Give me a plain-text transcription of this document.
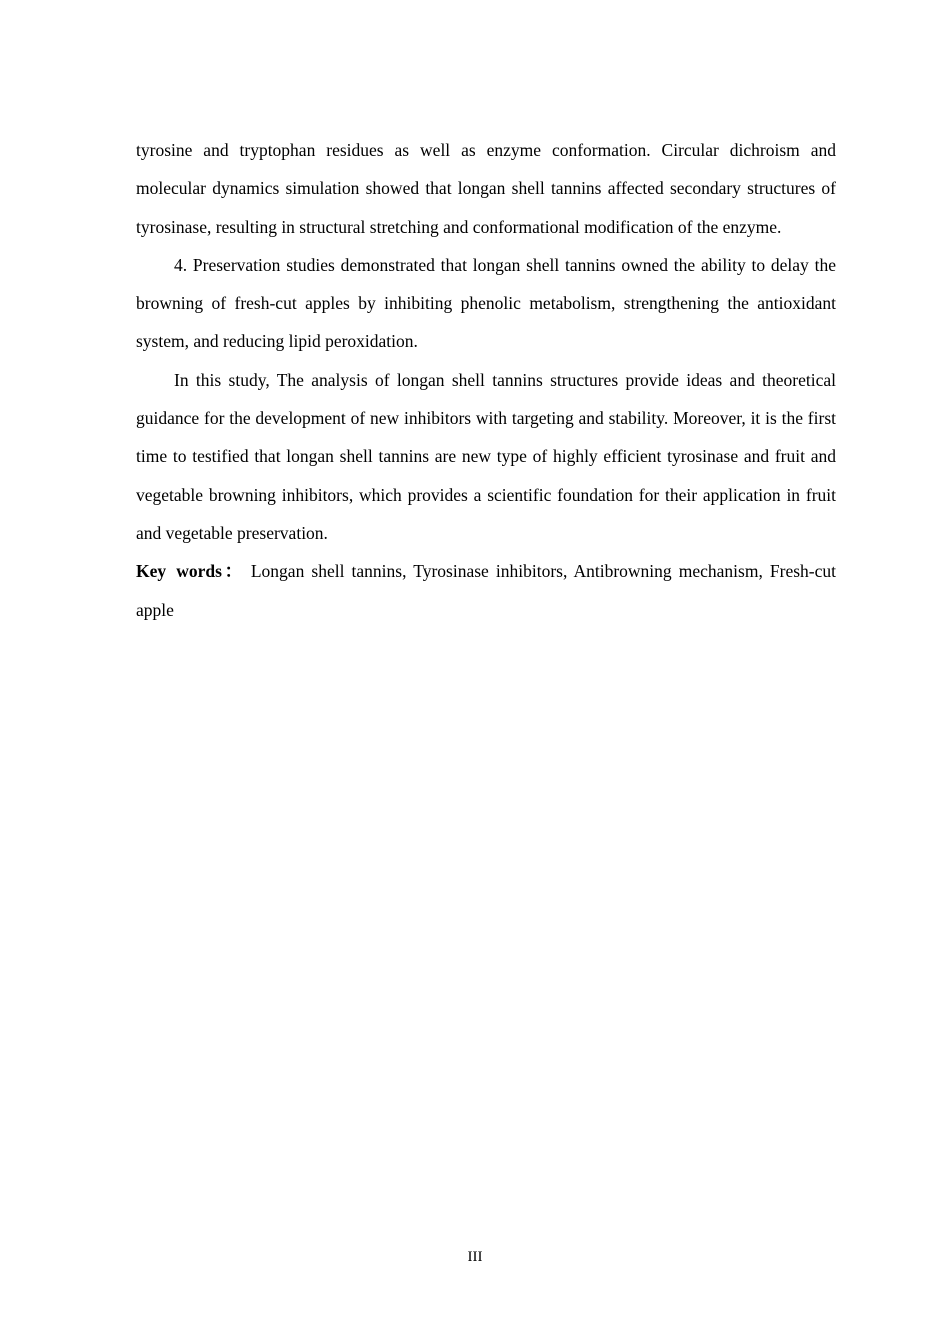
tyrosine and tryptophan residues as well as enzyme conformation. Circular dichroism and molecular dynamics simulation showed that longan shell tannins affected secondary structures of tyrosinase, resulting in structural stretching and conformational modification of the enzyme.

4. Preservation studies demonstrated that longan shell tannins owned the ability to delay the browning of fresh-cut apples by inhibiting phenolic metabolism, strengthening the antioxidant system, and reducing lipid peroxidation.

In this study, The analysis of longan shell tannins structures provide ideas and theoretical guidance for the development of new inhibitors with targeting and stability. Moreover, it is the first time to testified that longan shell tannins are new type of highly efficient tyrosinase and fruit and vegetable browning inhibitors, which provides a scientific foundation for their application in fruit and vegetable preservation.

Key words： Longan shell tannins, Tyrosinase inhibitors, Antibrowning mechanism, Fresh-cut apple

III
